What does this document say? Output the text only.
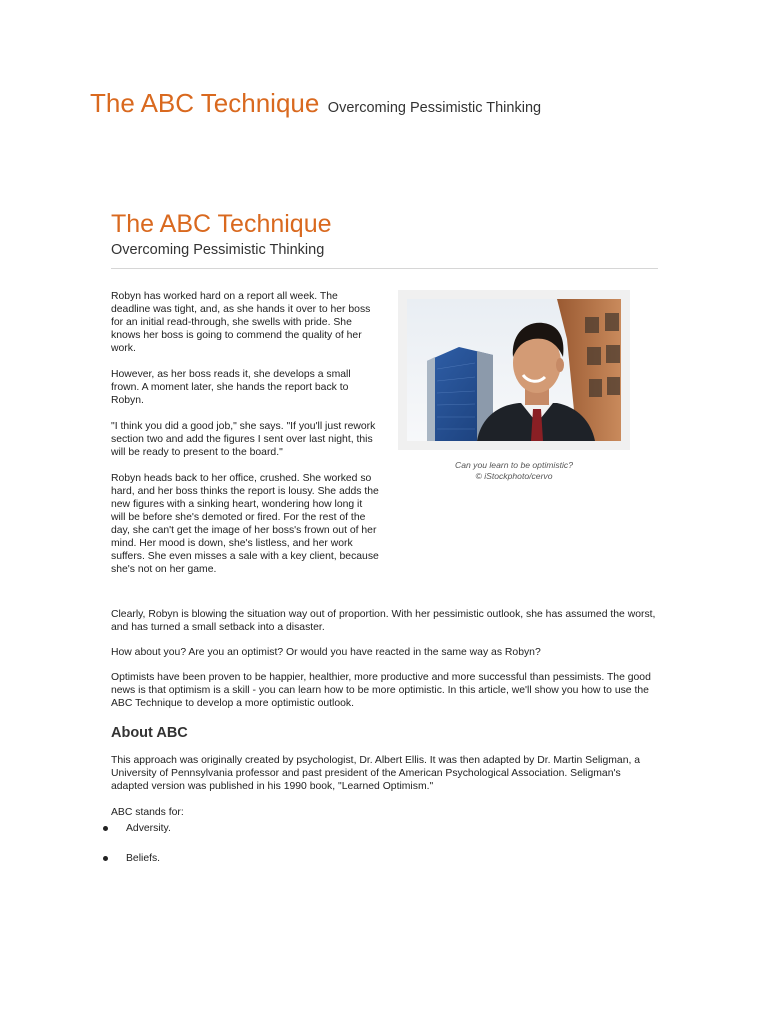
The ABC Technique Overcoming Pessimistic Thinking
The ABC Technique
Overcoming Pessimistic Thinking

Robyn has worked hard on a report all week. The deadline was tight, and, as she hands it over to her boss for an initial read-through, she swells with pride. She knows her boss is going to commend the quality of her work.

However, as her boss reads it, she develops a small frown. A moment later, she hands the report back to Robyn.

"I think you did a good job," she says. "If you'll just rework section two and add the figures I sent over last night, this will be ready to present to the board."

Robyn heads back to her office, crushed. She worked so hard, and her boss thinks the report is lousy. She adds the new figures with a sinking heart, wondering how long it will be before she's demoted or fired. For the rest of the day, she can't get the image of her boss's frown out of her mind. Her mood is down, she's listless, and her work suffers. She even misses a sale with a key client, because she's not on her game.

Can you learn to be optimistic?
© iStockphoto/cervo

Clearly, Robyn is blowing the situation way out of proportion. With her pessimistic outlook, she has assumed the worst, and has turned a small setback into a disaster.

How about you? Are you an optimist? Or would you have reacted in the same way as Robyn?

Optimists have been proven to be happier, healthier, more productive and more successful than pessimists. The good news is that optimism is a skill - you can learn how to be more optimistic. In this article, we'll show you how to use the ABC Technique to develop a more optimistic outlook.

About ABC

This approach was originally created by psychologist, Dr. Albert Ellis. It was then adapted by Dr. Martin Seligman, a University of Pennsylvania professor and past president of the American Psychological Association. Seligman's adapted version was published in his 1990 book, "Learned Optimism."

ABC stands for:

Adversity.
Beliefs.
